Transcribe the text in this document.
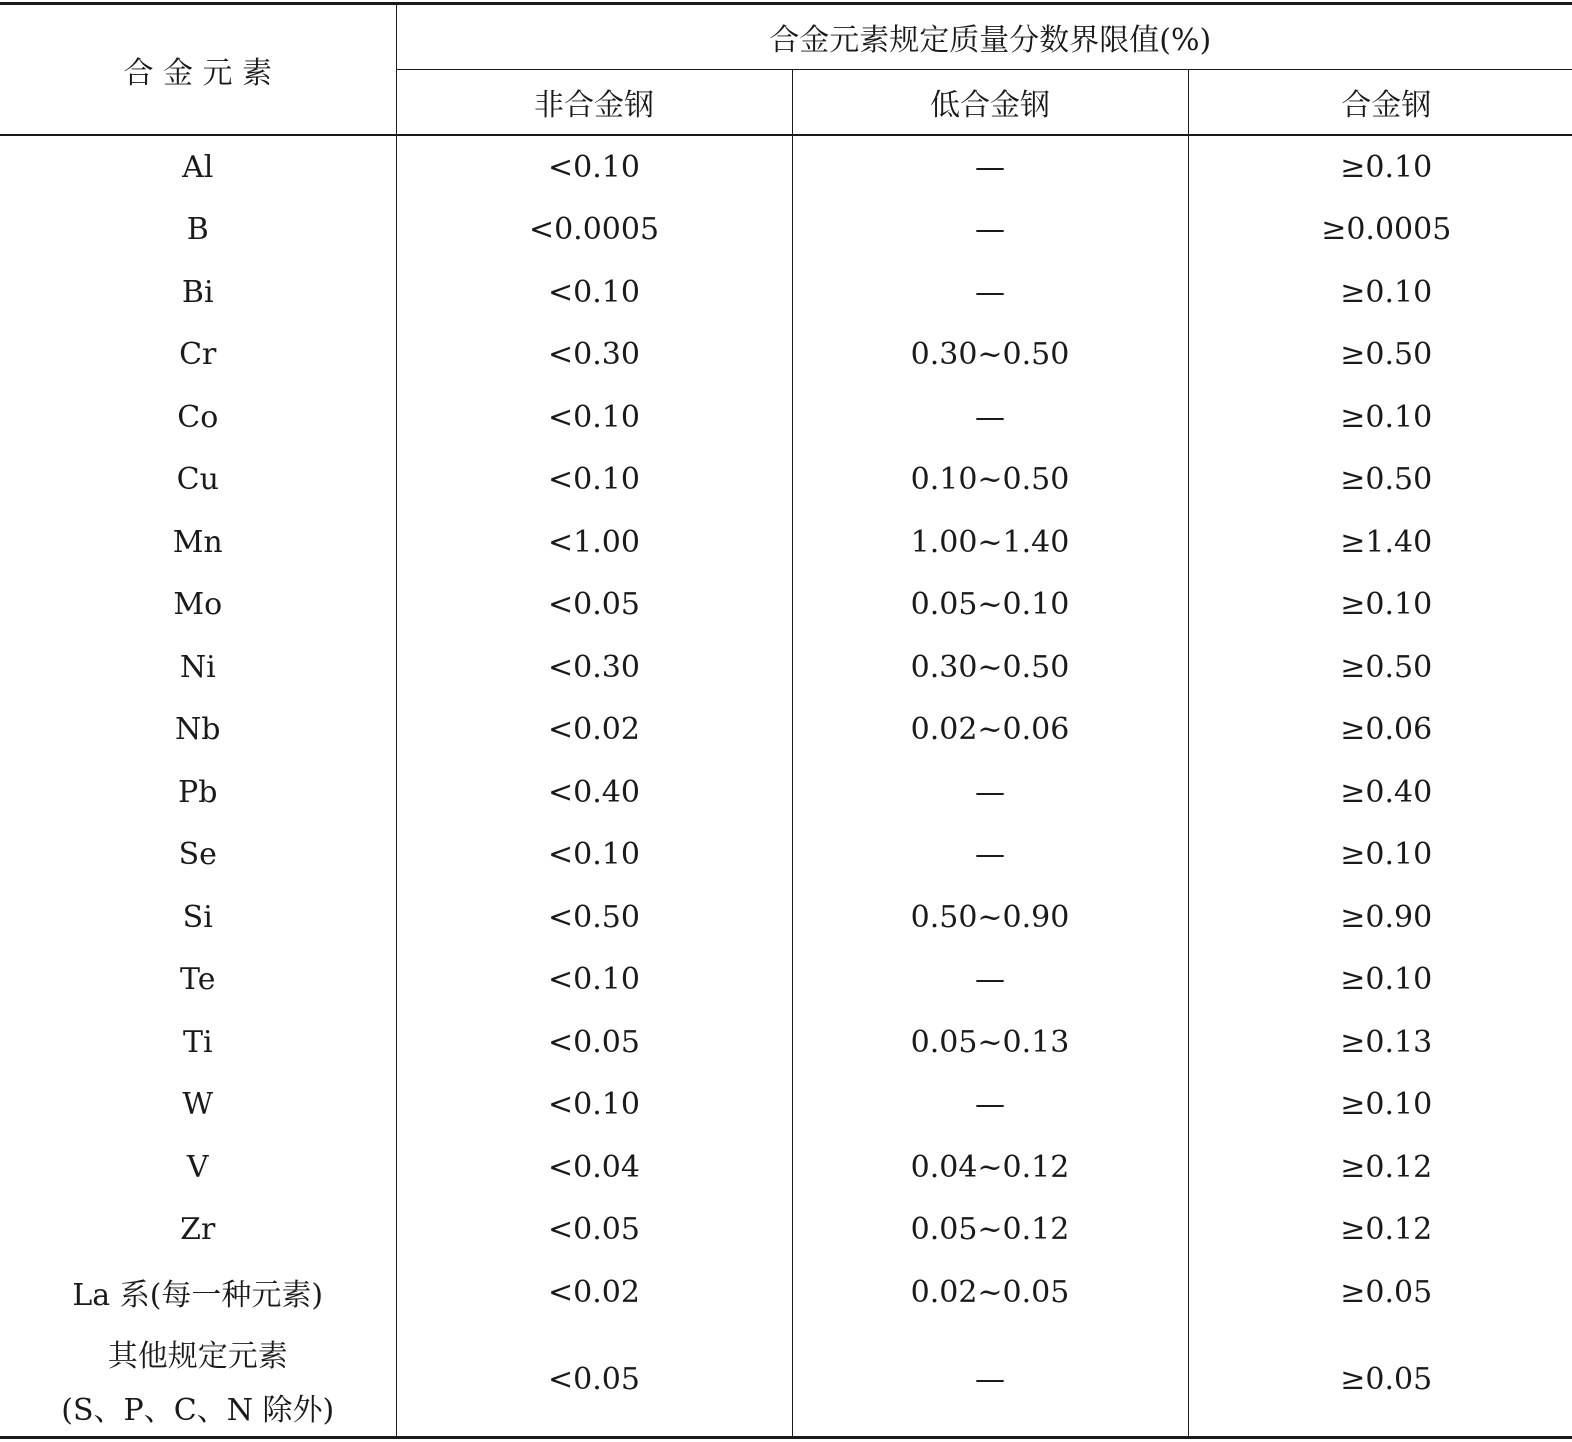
合 金 元 素	合金元素规定质量分数界限值(%)		
	非合金钢	低合金钢	合金钢
Al	<0.10	—	≥0.10
B	<0.0005	—	≥0.0005
Bi	<0.10	—	≥0.10
Cr	<0.30	0.30~0.50	≥0.50
Co	<0.10	—	≥0.10
Cu	<0.10	0.10~0.50	≥0.50
Mn	<1.00	1.00~1.40	≥1.40
Mo	<0.05	0.05~0.10	≥0.10
Ni	<0.30	0.30~0.50	≥0.50
Nb	<0.02	0.02~0.06	≥0.06
Pb	<0.40	—	≥0.40
Se	<0.10	—	≥0.10
Si	<0.50	0.50~0.90	≥0.90
Te	<0.10	—	≥0.10
Ti	<0.05	0.05~0.13	≥0.13
W	<0.10	—	≥0.10
V	<0.04	0.04~0.12	≥0.12
Zr	<0.05	0.05~0.12	≥0.12
La 系(每一种元素)	<0.02	0.02~0.05	≥0.05

其他规定元素
(S、P、C、N 除外)	<0.05	—	≥0.05
